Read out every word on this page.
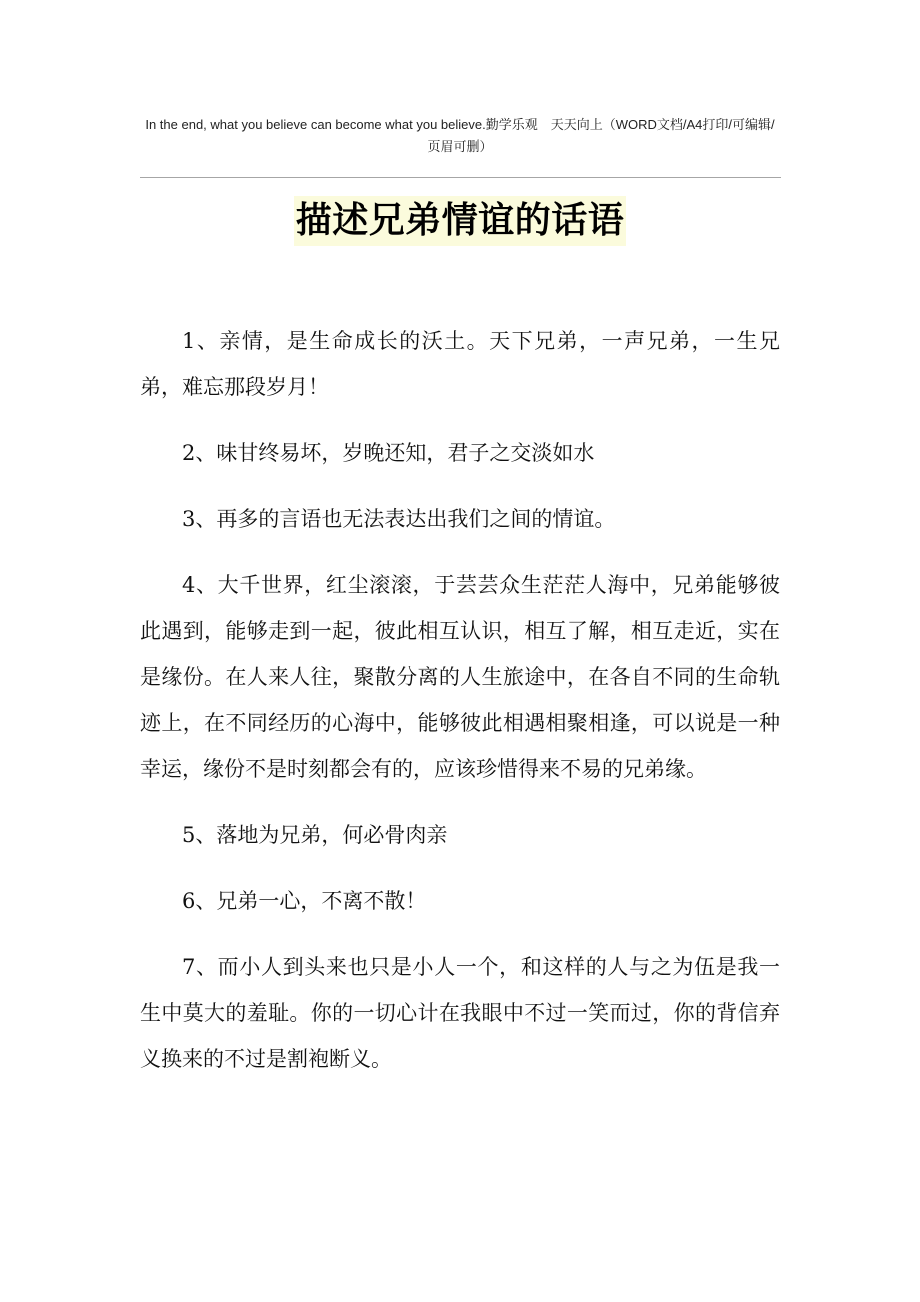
In the end, what you believe can become what you believe.勤学乐观　天天向上（WORD文档/A4打印/可编辑/页眉可删）
描述兄弟情谊的话语

1、亲情，是生命成长的沃土。天下兄弟，一声兄弟，一生兄弟，难忘那段岁月！

2、味甘终易坏，岁晚还知，君子之交淡如水

3、再多的言语也无法表达出我们之间的情谊。

4、大千世界，红尘滚滚，于芸芸众生茫茫人海中，兄弟能够彼此遇到，能够走到一起，彼此相互认识，相互了解，相互走近，实在是缘份。在人来人往，聚散分离的人生旅途中，在各自不同的生命轨迹上，在不同经历的心海中，能够彼此相遇相聚相逢，可以说是一种幸运，缘份不是时刻都会有的，应该珍惜得来不易的兄弟缘。

5、落地为兄弟，何必骨肉亲

6、兄弟一心，不离不散！

7、而小人到头来也只是小人一个，和这样的人与之为伍是我一生中莫大的羞耻。你的一切心计在我眼中不过一笑而过，你的背信弃义换来的不过是割袍断义。
